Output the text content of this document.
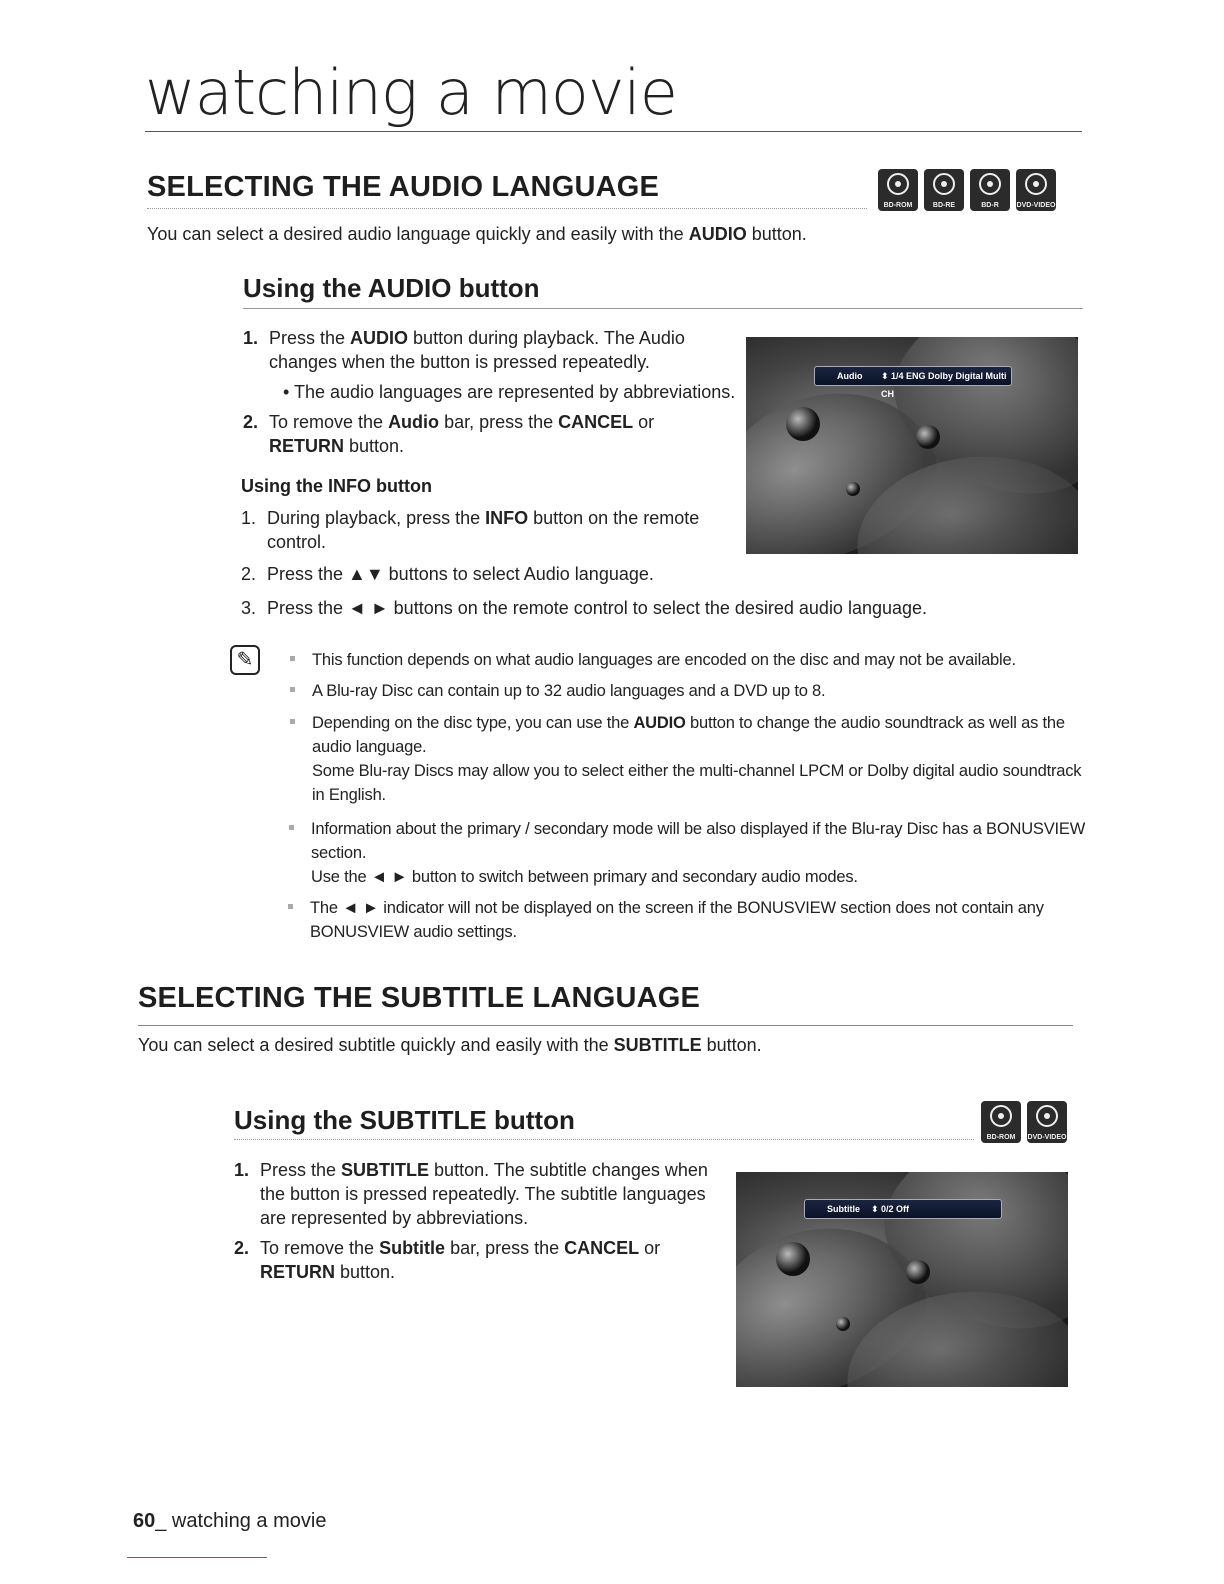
watching a movie
SELECTING THE AUDIO LANGUAGE
BD-ROM	BD-RE	BD-R	DVD-VIDEO
You can select a desired audio language quickly and easily with the AUDIO button.
Using the AUDIO button
1. Press the AUDIO button during playback. The Audio
changes when the button is pressed repeatedly.
• The audio languages are represented by abbreviations.
2. To remove the Audio bar, press the CANCEL or
RETURN button.
Using the INFO button
1. During playback, press the INFO button on the remote
control.
2. Press the ▲▼ buttons to select Audio language.
3. Press the ◄ ► buttons on the remote control to select the desired audio language.
Audio ⬍ 1/4 ENG Dolby Digital Multi CH
✎	This function depends on what audio languages are encoded on the disc and may not be available.
A Blu-ray Disc can contain up to 32 audio languages and a DVD up to 8.
Depending on the disc type, you can use the AUDIO button to change the audio soundtrack as well as the
audio language.
Some Blu-ray Discs may allow you to select either the multi-channel LPCM or Dolby digital audio soundtrack
in English.
Information about the primary / secondary mode will be also displayed if the Blu-ray Disc has a BONUSVIEW
section.
Use the ◄ ► button to switch between primary and secondary audio modes.
The ◄ ► indicator will not be displayed on the screen if the BONUSVIEW section does not contain any
BONUSVIEW audio settings.
SELECTING THE SUBTITLE LANGUAGE
You can select a desired subtitle quickly and easily with the SUBTITLE button.
Using the SUBTITLE button
BD-ROM	DVD-VIDEO
1. Press the SUBTITLE button. The subtitle changes when
the button is pressed repeatedly. The subtitle languages
are represented by abbreviations.
2. To remove the Subtitle bar, press the CANCEL or
RETURN button.
Subtitle ⬍ 0/2 Off
60_ watching a movie
